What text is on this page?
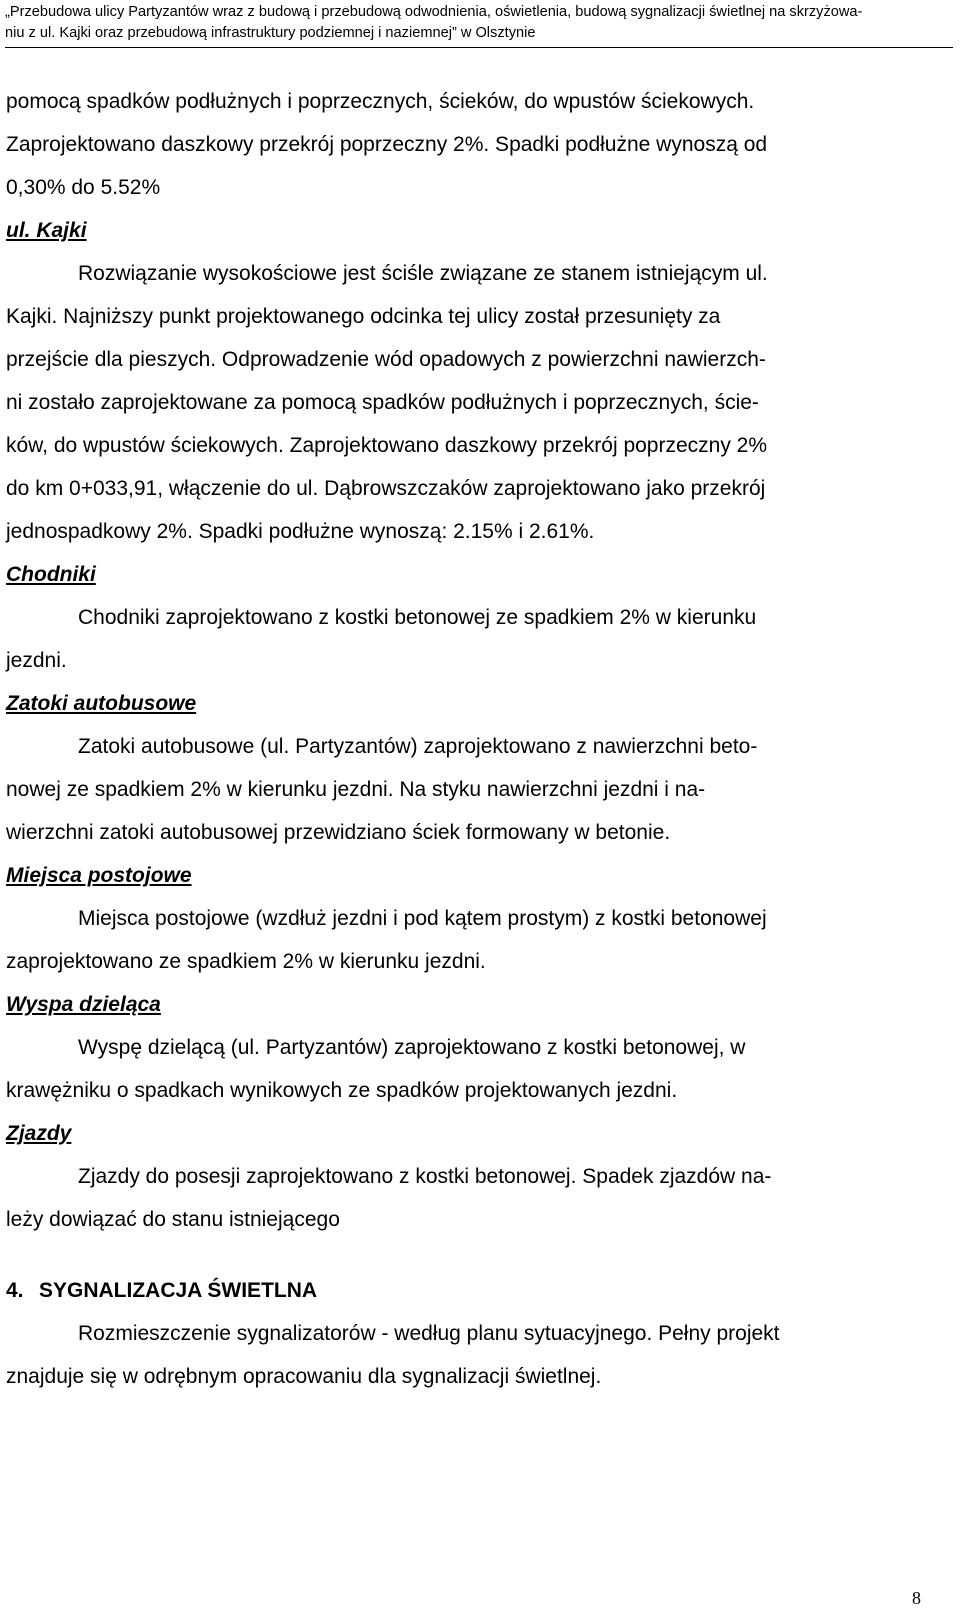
„Przebudowa ulicy Partyzantów wraz z budową i przebudową odwodnienia, oświetlenia, budową sygnalizacji świetlnej na skrzyżowa-
niu z ul. Kajki oraz przebudową infrastruktury podziemnej i naziemnej” w Olsztynie
pomocą spadków podłużnych i poprzecznych, ścieków, do wpustów ściekowych.
Zaprojektowano daszkowy przekrój poprzeczny 2%. Spadki podłużne wynoszą od
0,30% do 5.52%
ul. Kajki
Rozwiązanie wysokościowe jest ściśle związane ze stanem istniejącym ul.
Kajki. Najniższy punkt projektowanego odcinka tej ulicy został przesunięty za
przejście dla pieszych. Odprowadzenie wód opadowych z powierzchni nawierzch-
ni zostało zaprojektowane za pomocą spadków podłużnych i poprzecznych, ście-
ków, do wpustów ściekowych. Zaprojektowano daszkowy przekrój poprzeczny 2%
do km 0+033,91, włączenie do ul. Dąbrowszczaków zaprojektowano jako przekrój
jednospadkowy 2%. Spadki podłużne wynoszą: 2.15% i 2.61%.
Chodniki
Chodniki zaprojektowano z kostki betonowej ze spadkiem 2% w kierunku
jezdni.
Zatoki autobusowe
Zatoki autobusowe (ul. Partyzantów) zaprojektowano z nawierzchni beto-
nowej ze spadkiem 2% w kierunku jezdni. Na styku nawierzchni jezdni i na-
wierzchni zatoki autobusowej przewidziano ściek formowany w betonie.
Miejsca postojowe
Miejsca postojowe (wzdłuż jezdni i pod kątem prostym) z kostki betonowej
zaprojektowano ze spadkiem 2% w kierunku jezdni.
Wyspa dzieląca
Wyspę dzielącą (ul. Partyzantów) zaprojektowano z kostki betonowej, w
krawężniku o spadkach wynikowych ze spadków projektowanych jezdni.
Zjazdy
Zjazdy do posesji zaprojektowano z kostki betonowej. Spadek zjazdów na-
leży dowiązać do stanu istniejącego
4. SYGNALIZACJA ŚWIETLNA
Rozmieszczenie sygnalizatorów - według planu sytuacyjnego. Pełny projekt
znajduje się w odrębnym opracowaniu dla sygnalizacji świetlnej.
8
